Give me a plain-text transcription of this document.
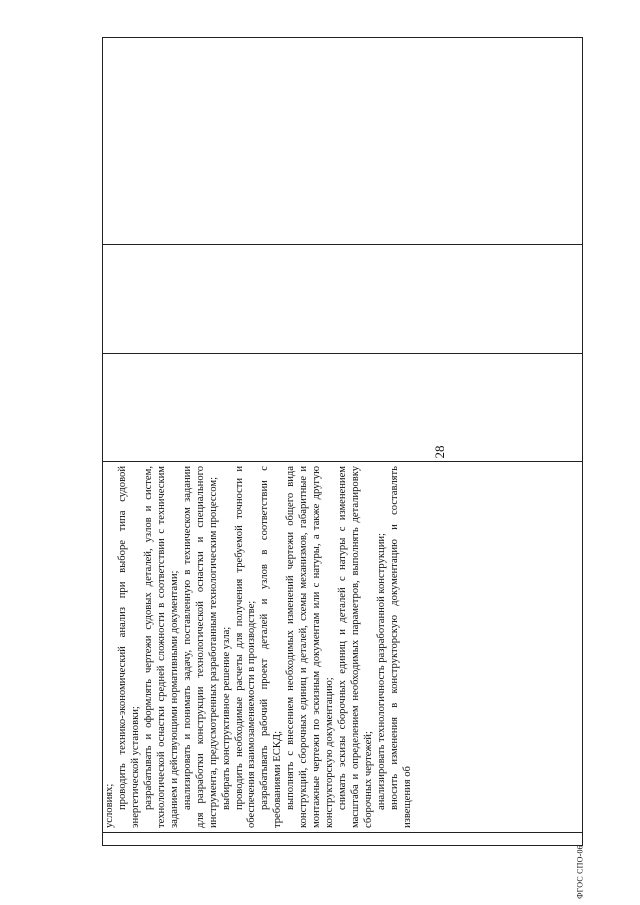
28

условиях; проводить технико-экономический анализ при выборе типа судовой энергетической установки; разрабатывать и оформлять чертежи судовых деталей, узлов и систем, технологической оснастки средней сложности в соответствии с техническим заданием и действующими нормативными документами; анализировать и понимать задачу, поставленную в техническом задании для разработки конструкции технологической оснастки и специального инструмента, предусмотренных разработанным технологическим процессом; выбирать конструктивное решение узла; проводить необходимые расчеты для получения требуемой точности и обеспечения взаимозаменяемости в производстве; разрабатывать рабочий проект деталей и узлов в соответствии с требованиями ЕСКД; выполнять с внесением необходимых изменений чертежи общего вида конструкций, сборочных единиц и деталей, схемы механизмов, габаритные и монтажные чертежи по эскизным документам или с натуры, а также другую конструкторскую документацию; снимать эскизы сборочных единиц и деталей с натуры с изменением масштаба и определением необходимых параметров, выполнять деталировку сборочных чертежей; анализировать технологичность разработанной конструкции; вносить изменения в конструкторскую документацию и составлять извещения об

ФГОС СПО-06
